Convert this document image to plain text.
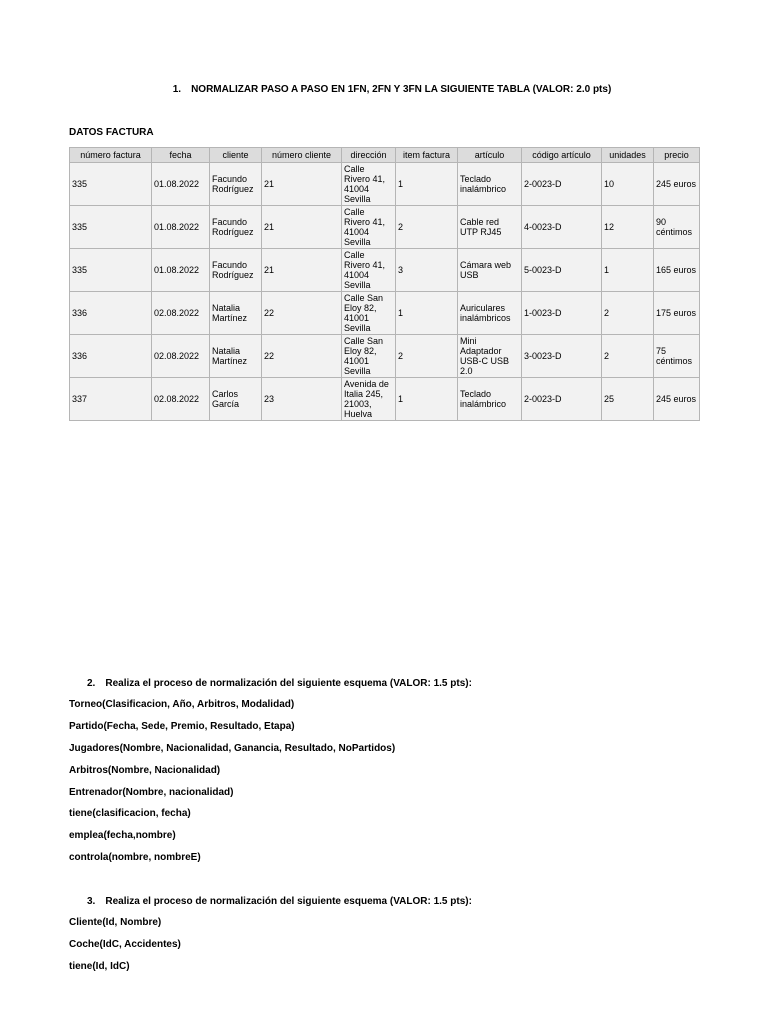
1. NORMALIZAR PASO A PASO EN 1FN, 2FN Y 3FN LA SIGUIENTE TABLA (VALOR: 2.0 pts)
DATOS FACTURA
número factura	fecha	cliente	número cliente	dirección	item factura	artículo	código artículo	unidades	precio
335	01.08.2022	Facundo Rodríguez	21	Calle Rivero 41, 41004 Sevilla	1	Teclado inalámbrico	2-0023-D	10	245 euros
335	01.08.2022	Facundo Rodríguez	21	Calle Rivero 41, 41004 Sevilla	2	Cable red UTP RJ45	4-0023-D	12	90 céntimos
335	01.08.2022	Facundo Rodríguez	21	Calle Rivero 41, 41004 Sevilla	3	Cámara web USB	5-0023-D	1	165 euros
336	02.08.2022	Natalia Martínez	22	Calle San Eloy 82, 41001 Sevilla	1	Auriculares inalámbricos	1-0023-D	2	175 euros
336	02.08.2022	Natalia Martínez	22	Calle San Eloy 82, 41001 Sevilla	2	Mini Adaptador USB-C USB 2.0	3-0023-D	2	75 céntimos
337	02.08.2022	Carlos García	23	Avenida de Italia 245, 21003, Huelva	1	Teclado inalámbrico	2-0023-D	25	245 euros
2. Realiza el proceso de normalización del siguiente esquema (VALOR: 1.5 pts):
Torneo(Clasificacion, Año, Arbitros, Modalidad)
Partido(Fecha, Sede, Premio, Resultado, Etapa)
Jugadores(Nombre, Nacionalidad, Ganancia, Resultado, NoPartidos)
Arbitros(Nombre, Nacionalidad)
Entrenador(Nombre, nacionalidad)
tiene(clasificacion, fecha)
emplea(fecha,nombre)
controla(nombre, nombreE)
3. Realiza el proceso de normalización del siguiente esquema (VALOR: 1.5 pts):
Cliente(Id, Nombre)
Coche(IdC, Accidentes)
tiene(Id, IdC)
